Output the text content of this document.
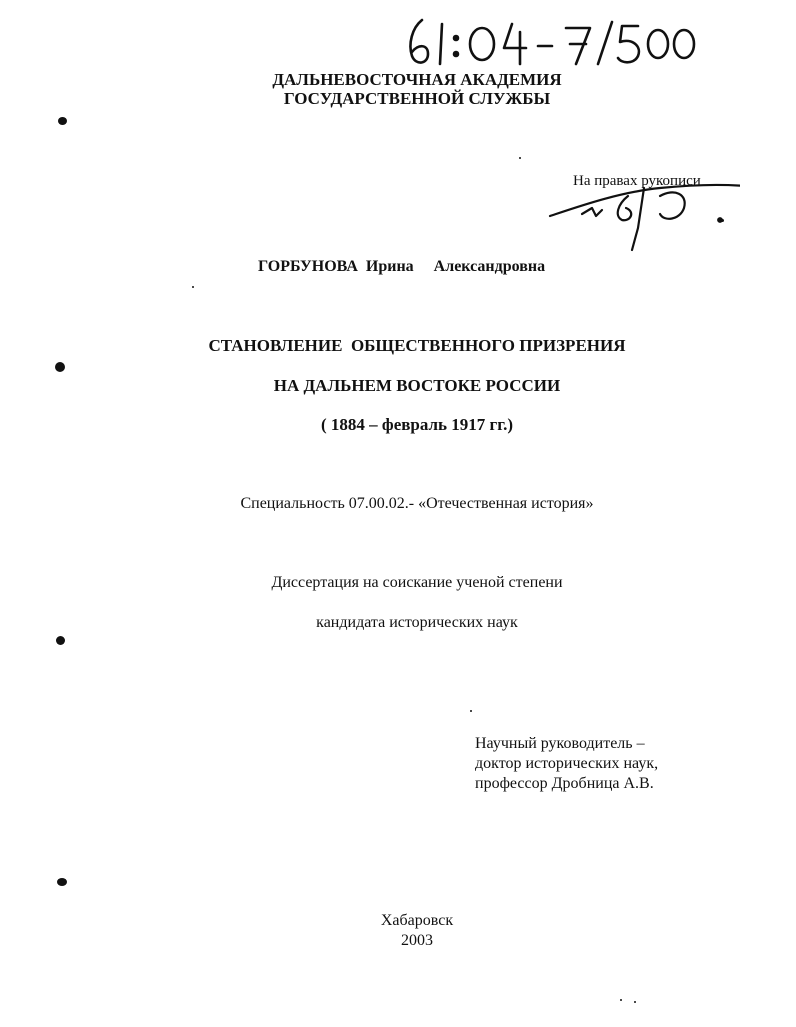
ДАЛЬНЕВОСТОЧНАЯ АКАДЕМИЯ
ГОСУДАРСТВЕННОЙ СЛУЖБЫ
На правах рукописи
ГОРБУНОВА Ирина Александровна
СТАНОВЛЕНИЕ  ОБЩЕСТВЕННОГО ПРИЗРЕНИЯ
НА ДАЛЬНЕМ ВОСТОКЕ РОССИИ
( 1884 – февраль 1917 гг.)
Специальность 07.00.02.- «Отечественная история»
Диссертация на соискание ученой степени
кандидата исторических наук
Научный руководитель –
доктор исторических наук,
профессор Дробница А.В.
Хабаровск
2003
